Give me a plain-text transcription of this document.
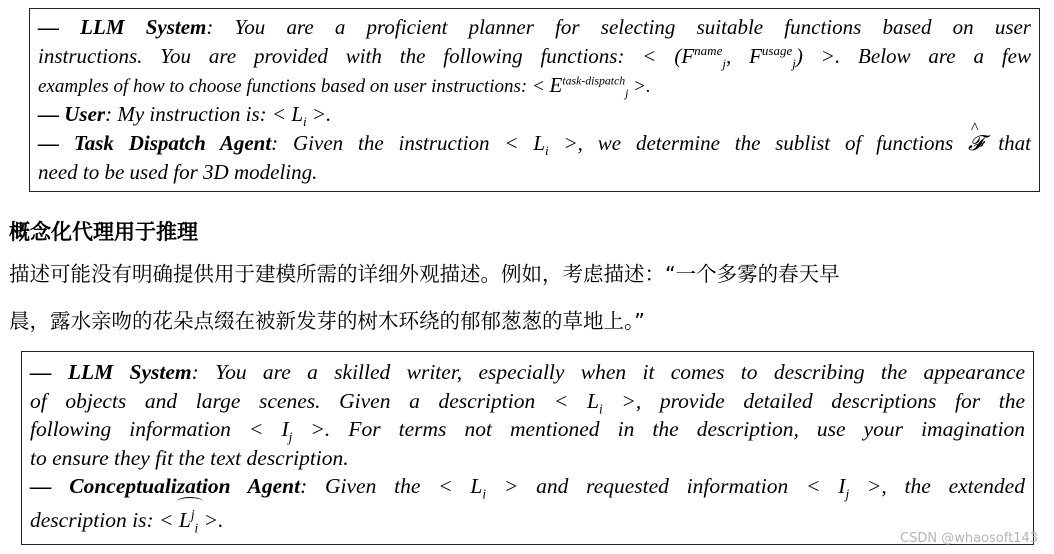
— LLM System: You are a proficient planner for selecting suitable functions based on user
instructions. You are provided with the following functions: < ($F^{name}_j$, $F^{usage}_j$) >. Below are a few
examples of how to choose functions based on user instructions: < $E^{task-dispatch}_j$ >.
— User: My instruction is: < $L_i$ >.
— Task Dispatch Agent: Given the instruction < $L_i$ >, we determine the sublist of functions ^ 𝓕 that
need to be used for 3D modeling.
概念化代理用于推理
描述可能没有明确提供用于建模所需的详细外观描述。例如，考虑描述：“一个多雾的春天早
晨，露水亲吻的花朵点缀在被新发芽的树木环绕的郁郁葱葱的草地上。”
— LLM System: You are a skilled writer, especially when it comes to describing the appearance
of objects and large scenes. Given a description < $L_i$ >, provide detailed descriptions for the
following information < $I_j$ >. For terms not mentioned in the description, use your imagination
to ensure they fit the text description.
— Conceptualization Agent: Given the < $L_i$ > and requested information < $I_j$ >, the extended
description is: < $L^j_i$ >.
CSDN @whaosoft143
